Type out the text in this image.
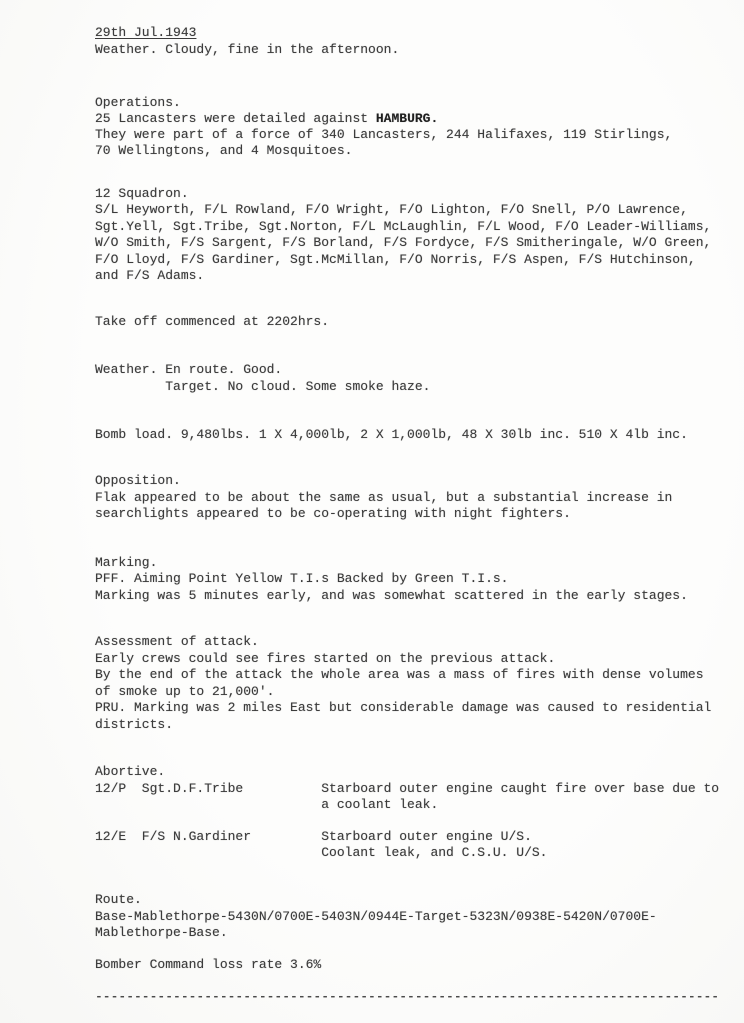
29th Jul.1943
Weather. Cloudy, fine in the afternoon.
Operations.
25 Lancasters were detailed against HAMBURG.
They were part of a force of 340 Lancasters, 244 Halifaxes, 119 Stirlings,
70 Wellingtons, and 4 Mosquitoes.
12 Squadron.
S/L Heyworth, F/L Rowland, F/O Wright, F/O Lighton, F/O Snell, P/O Lawrence,
Sgt.Yell, Sgt.Tribe, Sgt.Norton, F/L McLaughlin, F/L Wood, F/O Leader-Williams,
W/O Smith, F/S Sargent, F/S Borland, F/S Fordyce, F/S Smitheringale, W/O Green,
F/O Lloyd, F/S Gardiner, Sgt.McMillan, F/O Norris, F/S Aspen, F/S Hutchinson,
and F/S Adams.
Take off commenced at 2202hrs.
Weather. En route. Good.
Target. No cloud. Some smoke haze.
Bomb load. 9,480lbs. 1 X 4,000lb, 2 X 1,000lb, 48 X 30lb inc. 510 X 4lb inc.
Opposition.
Flak appeared to be about the same as usual, but a substantial increase in
searchlights appeared to be co-operating with night fighters.
Marking.
PFF. Aiming Point Yellow T.I.s Backed by Green T.I.s.
Marking was 5 minutes early, and was somewhat scattered in the early stages.
Assessment of attack.
Early crews could see fires started on the previous attack.
By the end of the attack the whole area was a mass of fires with dense volumes
of smoke up to 21,000'.
PRU. Marking was 2 miles East but considerable damage was caused to residential
districts.
Abortive.
12/P  Sgt.D.F.Tribe          Starboard outer engine caught fire over base due to
a coolant leak.
12/E  F/S N.Gardiner         Starboard outer engine U/S.
Coolant leak, and C.S.U. U/S.
Route.
Base-Mablethorpe-5430N/0700E-5403N/0944E-Target-5323N/0938E-5420N/0700E-
Mablethorpe-Base.
Bomber Command loss rate 3.6%
--------------------------------------------------------------------------------
